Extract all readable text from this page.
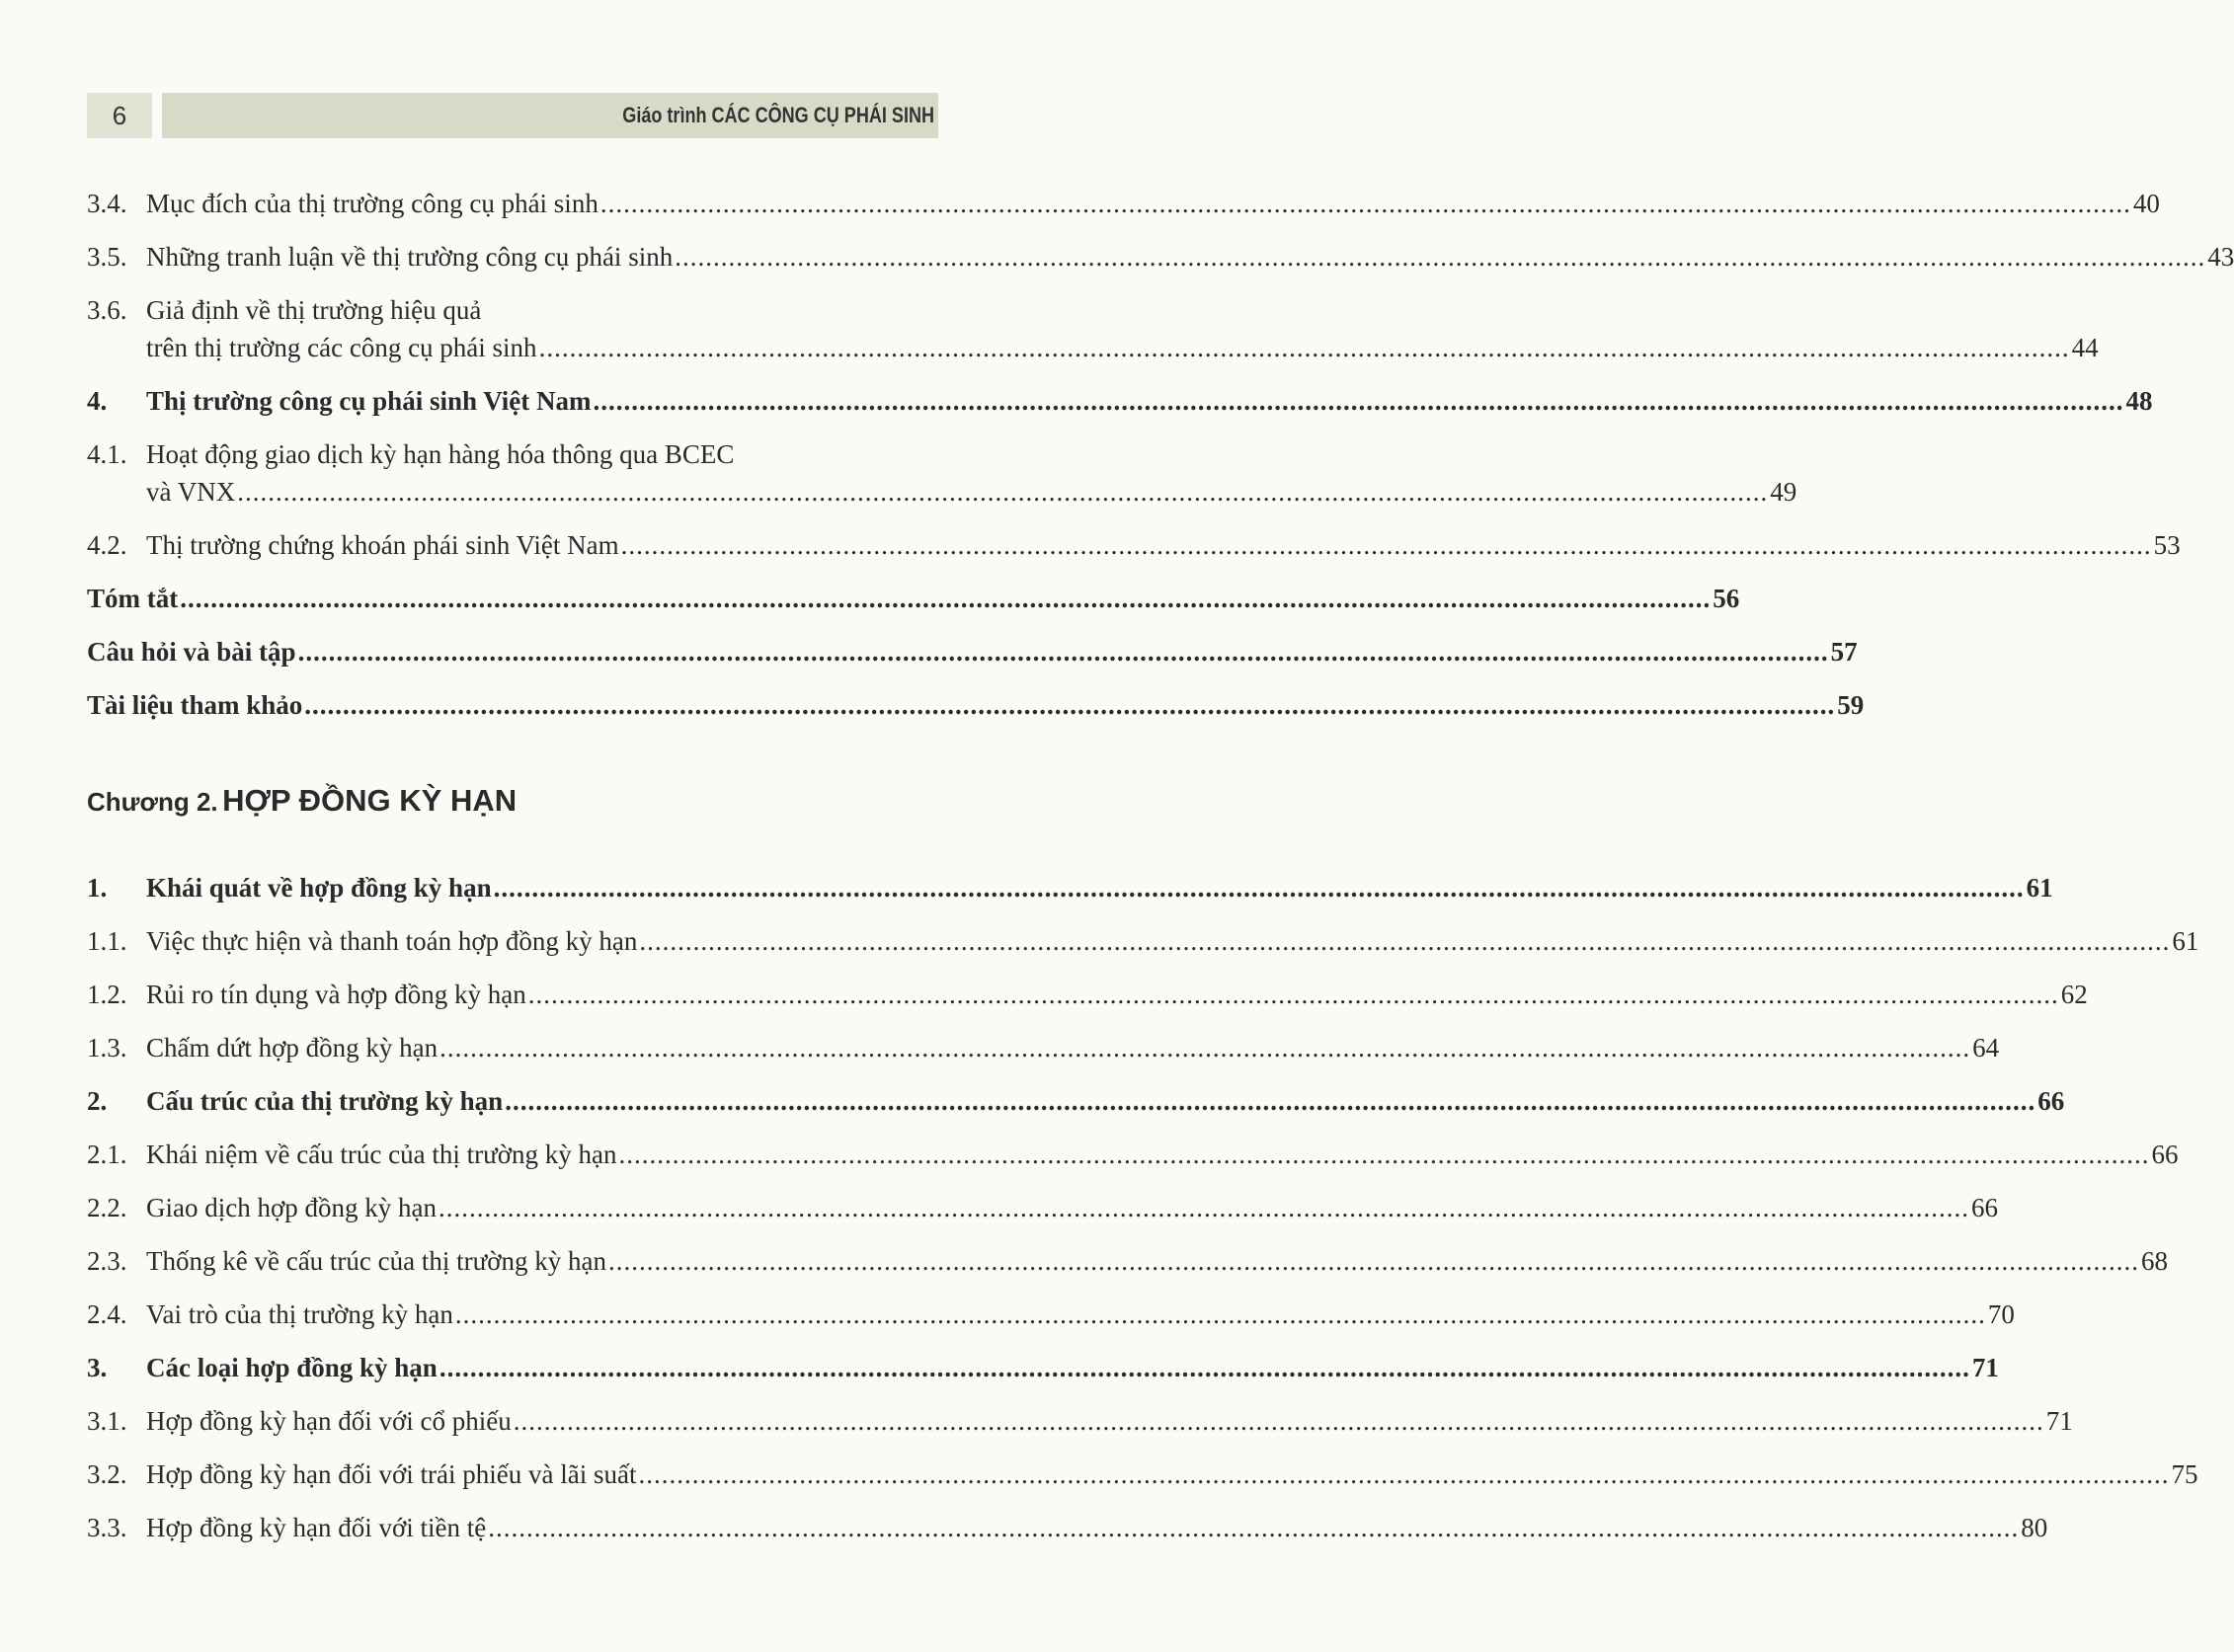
6	Giáo trình CÁC CÔNG CỤ PHÁI SINH
3.4. Mục đích của thị trường công cụ phái sinh ........................................................................................................................................................................................................ 40
3.5. Những tranh luận về thị trường công cụ phái sinh ........................................................................................................................................................................................................ 43
3.6. Giả định về thị trường hiệu quả
trên thị trường các công cụ phái sinh ........................................................................................................................................................................................................ 44
4. Thị trường công cụ phái sinh Việt Nam ........................................................................................................................................................................................................ 48
4.1. Hoạt động giao dịch kỳ hạn hàng hóa thông qua BCEC
và VNX ........................................................................................................................................................................................................ 49
4.2. Thị trường chứng khoán phái sinh Việt Nam ........................................................................................................................................................................................................ 53
Tóm tắt ........................................................................................................................................................................................................ 56
Câu hỏi và bài tập ........................................................................................................................................................................................................ 57
Tài liệu tham khảo ........................................................................................................................................................................................................ 59
Chương 2. HỢP ĐỒNG KỲ HẠN
1. Khái quát về hợp đồng kỳ hạn ........................................................................................................................................................................................................ 61
1.1. Việc thực hiện và thanh toán hợp đồng kỳ hạn ........................................................................................................................................................................................................ 61
1.2. Rủi ro tín dụng và hợp đồng kỳ hạn ........................................................................................................................................................................................................ 62
1.3. Chấm dứt hợp đồng kỳ hạn ........................................................................................................................................................................................................ 64
2. Cấu trúc của thị trường kỳ hạn ........................................................................................................................................................................................................ 66
2.1. Khái niệm về cấu trúc của thị trường kỳ hạn ........................................................................................................................................................................................................ 66
2.2. Giao dịch hợp đồng kỳ hạn ........................................................................................................................................................................................................ 66
2.3. Thống kê về cấu trúc của thị trường kỳ hạn ........................................................................................................................................................................................................ 68
2.4. Vai trò của thị trường kỳ hạn ........................................................................................................................................................................................................ 70
3. Các loại hợp đồng kỳ hạn ........................................................................................................................................................................................................ 71
3.1. Hợp đồng kỳ hạn đối với cổ phiếu ........................................................................................................................................................................................................ 71
3.2. Hợp đồng kỳ hạn đối với trái phiếu và lãi suất ........................................................................................................................................................................................................ 75
3.3. Hợp đồng kỳ hạn đối với tiền tệ ........................................................................................................................................................................................................ 80
